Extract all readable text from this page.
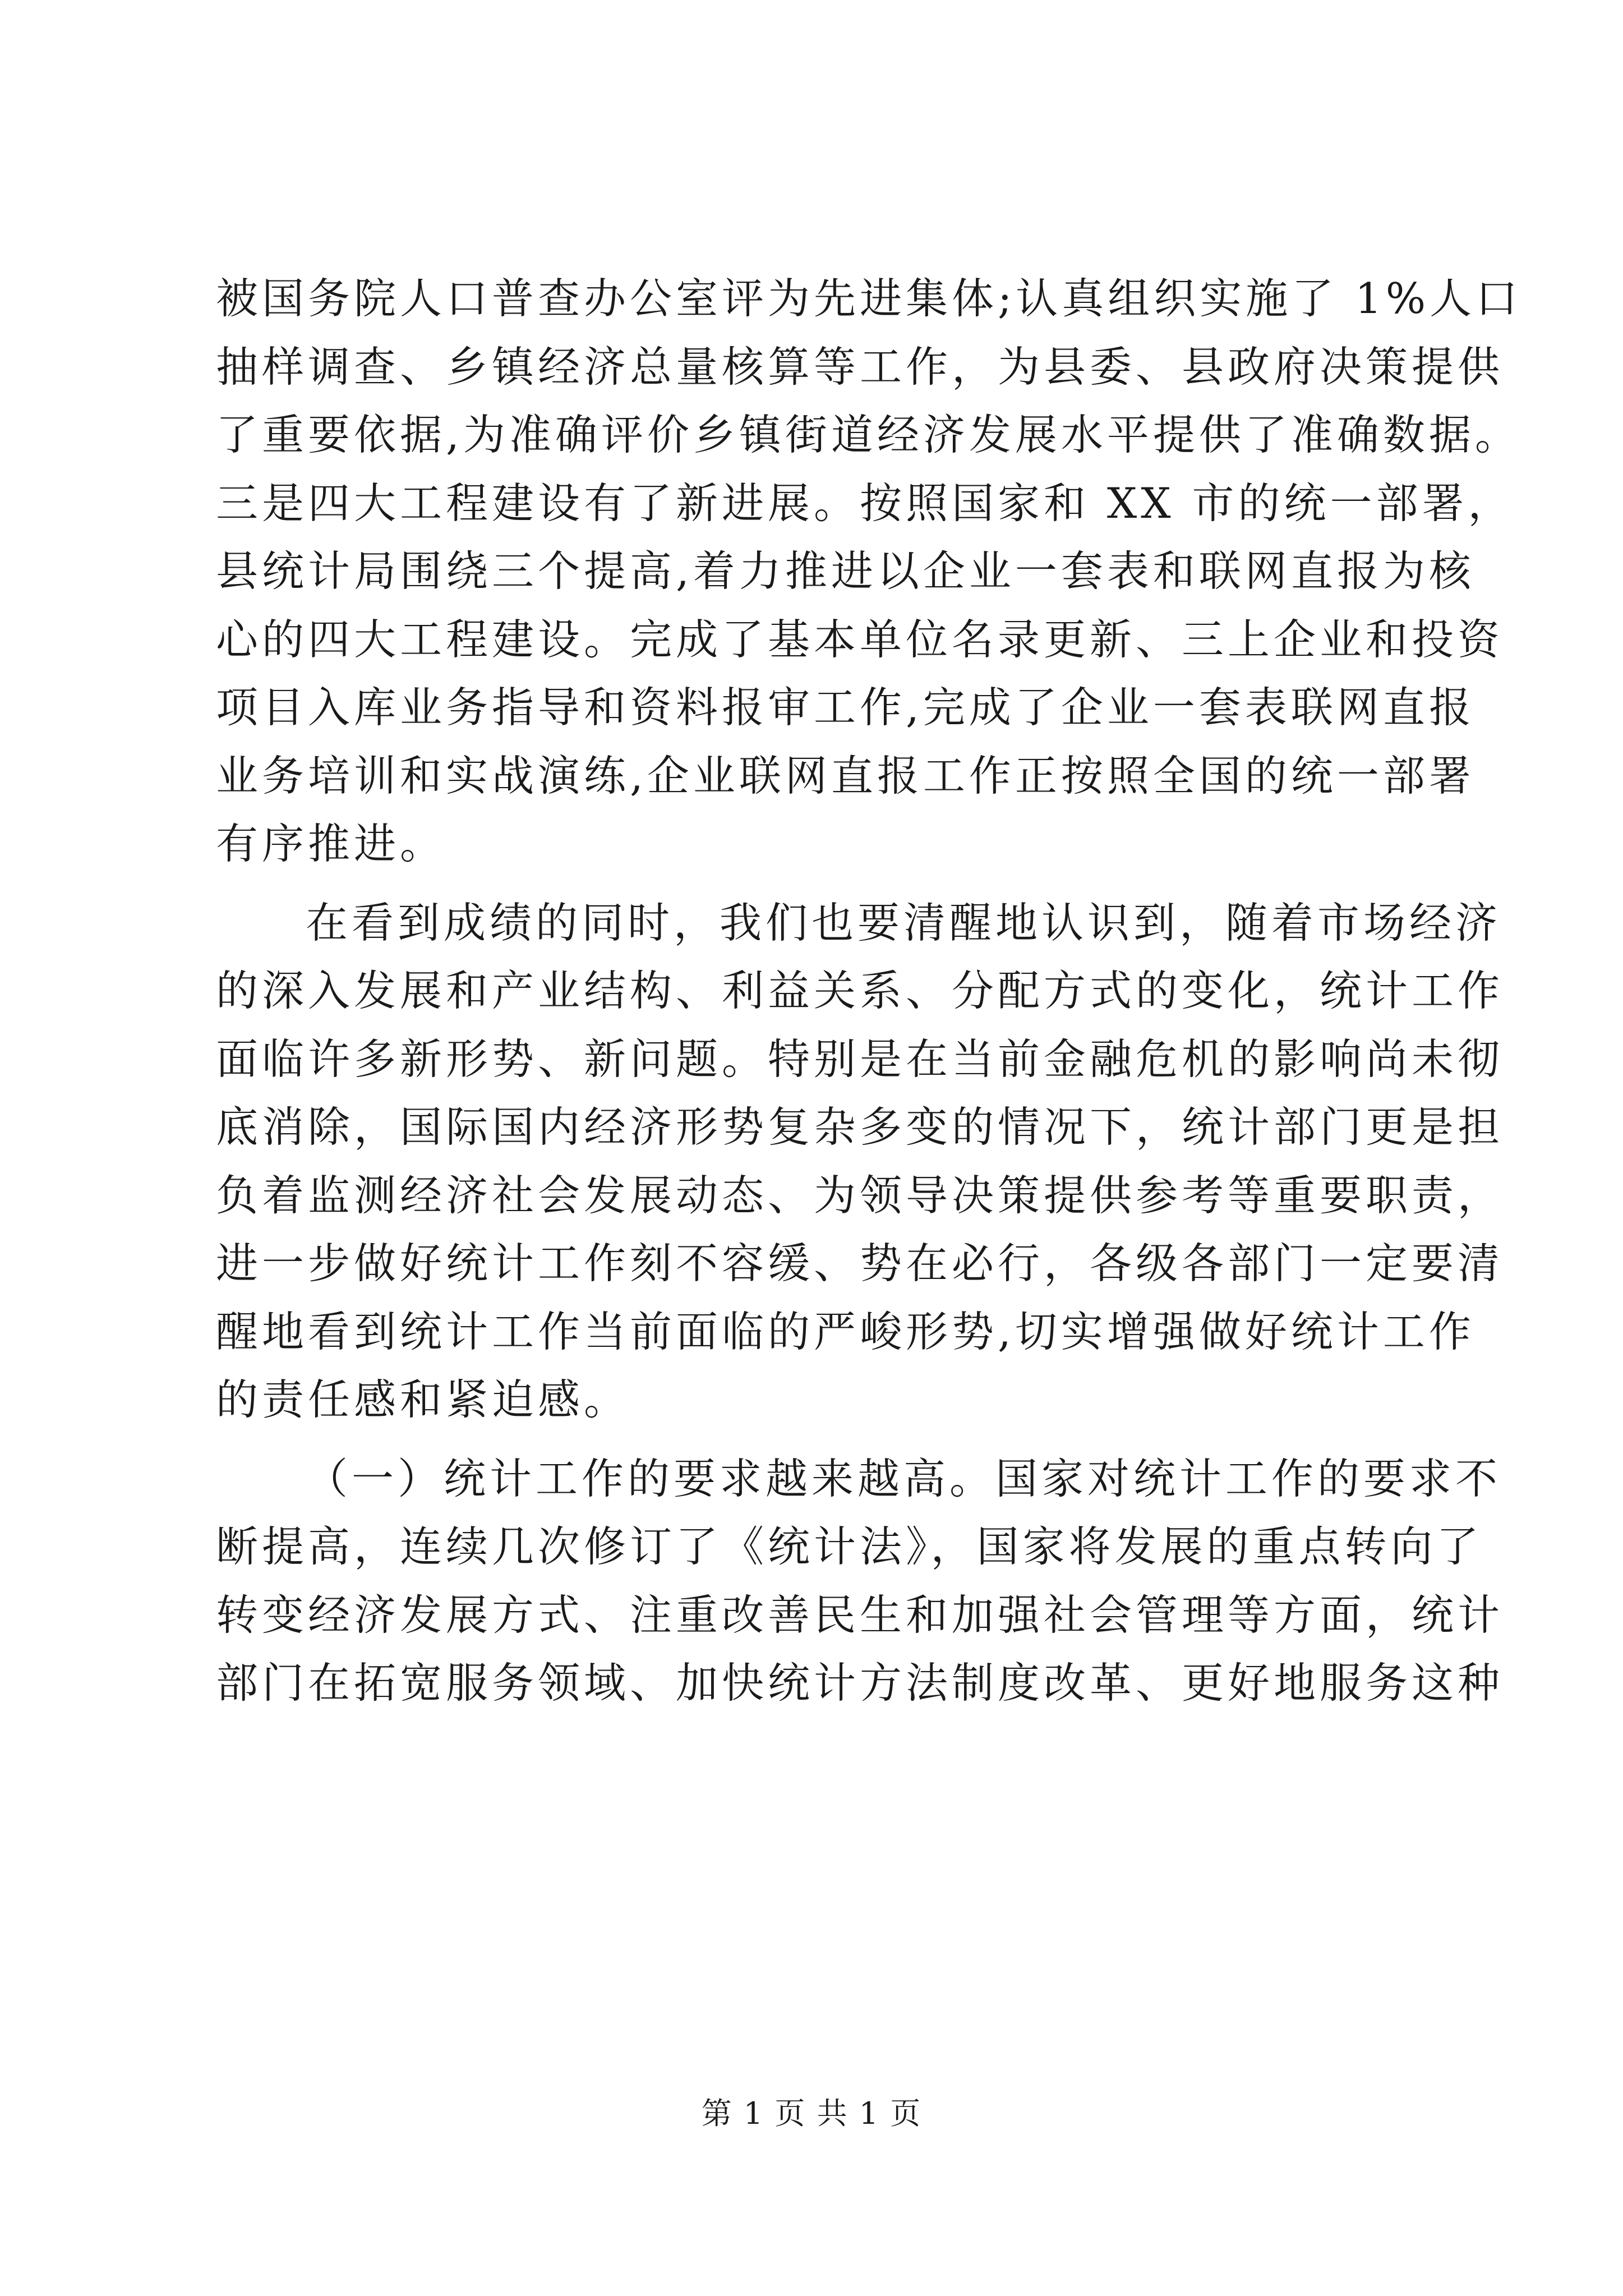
被国务院人口普查办公室评为先进集体;认真组织实施了 1%人口
抽样调查、乡镇经济总量核算等工作，为县委、县政府决策提供
了重要依据,为准确评价乡镇街道经济发展水平提供了准确数据。
三是四大工程建设有了新进展。按照国家和 XX 市的统一部署，
县统计局围绕三个提高,着力推进以企业一套表和联网直报为核
心的四大工程建设。完成了基本单位名录更新、三上企业和投资
项目入库业务指导和资料报审工作,完成了企业一套表联网直报
业务培训和实战演练,企业联网直报工作正按照全国的统一部署
有序推进。
在看到成绩的同时，我们也要清醒地认识到，随着市场经济
的深入发展和产业结构、利益关系、分配方式的变化，统计工作
面临许多新形势、新问题。特别是在当前金融危机的影响尚未彻
底消除，国际国内经济形势复杂多变的情况下，统计部门更是担
负着监测经济社会发展动态、为领导决策提供参考等重要职责，
进一步做好统计工作刻不容缓、势在必行，各级各部门一定要清
醒地看到统计工作当前面临的严峻形势,切实增强做好统计工作
的责任感和紧迫感。
（一）统计工作的要求越来越高。国家对统计工作的要求不
断提高，连续几次修订了《统计法》，国家将发展的重点转向了
转变经济发展方式、注重改善民生和加强社会管理等方面，统计
部门在拓宽服务领域、加快统计方法制度改革、更好地服务这种
第 1 页 共 1 页
